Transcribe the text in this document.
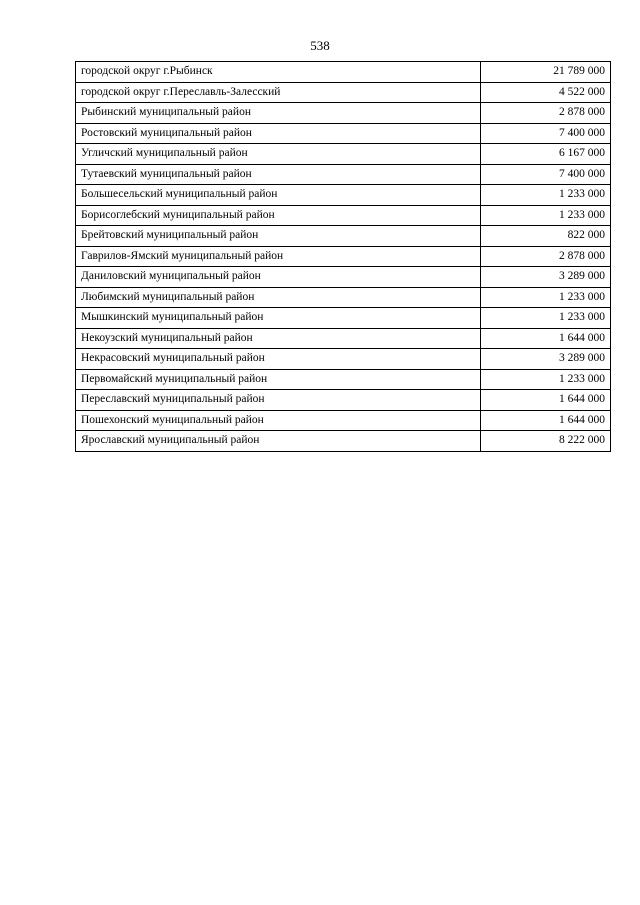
538
городской округ г.Рыбинск	21 789 000
городской округ г.Переславль-Залесский	4 522 000
Рыбинский муниципальный район	2 878 000
Ростовский муниципальный район	7 400 000
Угличский муниципальный район	6 167 000
Тутаевский муниципальный район	7 400 000
Большесельский муниципальный район	1 233 000
Борисоглебский муниципальный район	1 233 000
Брейтовский муниципальный район	822 000
Гаврилов-Ямский муниципальный район	2 878 000
Даниловский муниципальный район	3 289 000
Любимский муниципальный район	1 233 000
Мышкинский муниципальный район	1 233 000
Некоузский муниципальный район	1 644 000
Некрасовский муниципальный район	3 289 000
Первомайский муниципальный район	1 233 000
Переславский муниципальный район	1 644 000
Пошехонский муниципальный район	1 644 000
Ярославский муниципальный район	8 222 000
